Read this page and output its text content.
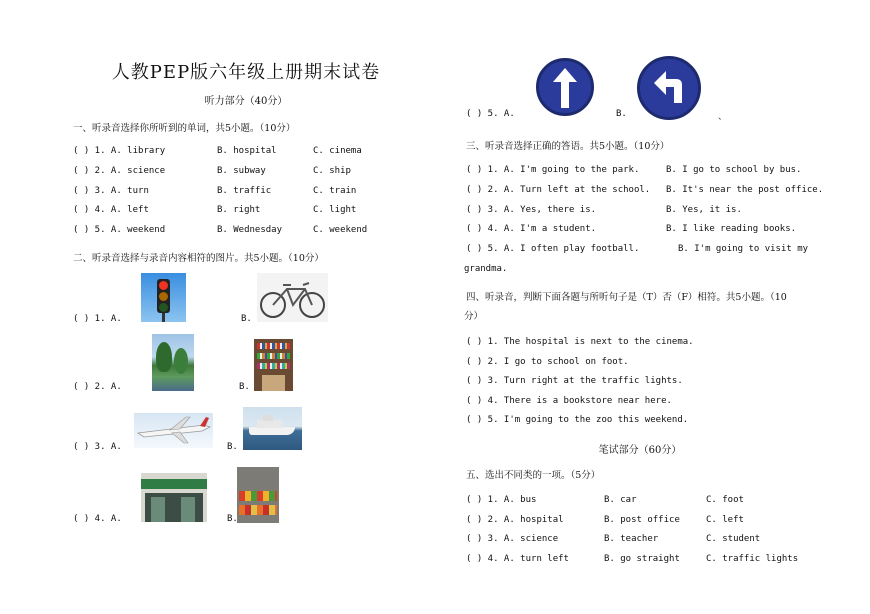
人教PEP版六年级上册期末试卷
听力部分（40分）
一、听录音选择你所听到的单词，共5小题。（10分）
( ) 1. A. library	B. hospital	C. cinema
( ) 2. A. science	B. subway	C. ship
( ) 3. A. turn	B. traffic	C. train
( ) 4. A. left	B. right	C. light
( ) 5. A. weekend	B. Wednesday	C. weekend
二、听录音选择与录音内容相符的图片。共5小题。（10分）
( ) 1. A.	B.
( ) 2. A.	B.
( ) 3. A.	B.
( ) 4. A.	B.
( ) 5. A.	B.	、
三、听录音选择正确的答语。共5小题。（10分）
( ) 1. A. I'm going to the park.	B. I go to school by bus.
( ) 2. A. Turn left at the school. B. It's near the post office.
( ) 3. A. Yes, there is.	B. Yes, it is.
( ) 4. A. I'm a student.	B. I like reading books.
( ) 5. A. I often play football.	B. I'm going to visit my
grandma.
四、听录音，判断下面各题与所听句子是（T）否（F）相符。共5小题。（10
分）
( ) 1. The hospital is next to the cinema.
( ) 2. I go to school on foot.
( ) 3. Turn right at the traffic lights.
( ) 4. There is a bookstore near here.
( ) 5. I'm going to the zoo this weekend.
笔试部分（60分）
五、选出不同类的一项。（5分）
( ) 1. A. bus	B. car	C. foot
( ) 2. A. hospital	B. post office	C. left
( ) 3. A. science	B. teacher	C. student
( ) 4. A. turn left	B. go straight	C. traffic lights
